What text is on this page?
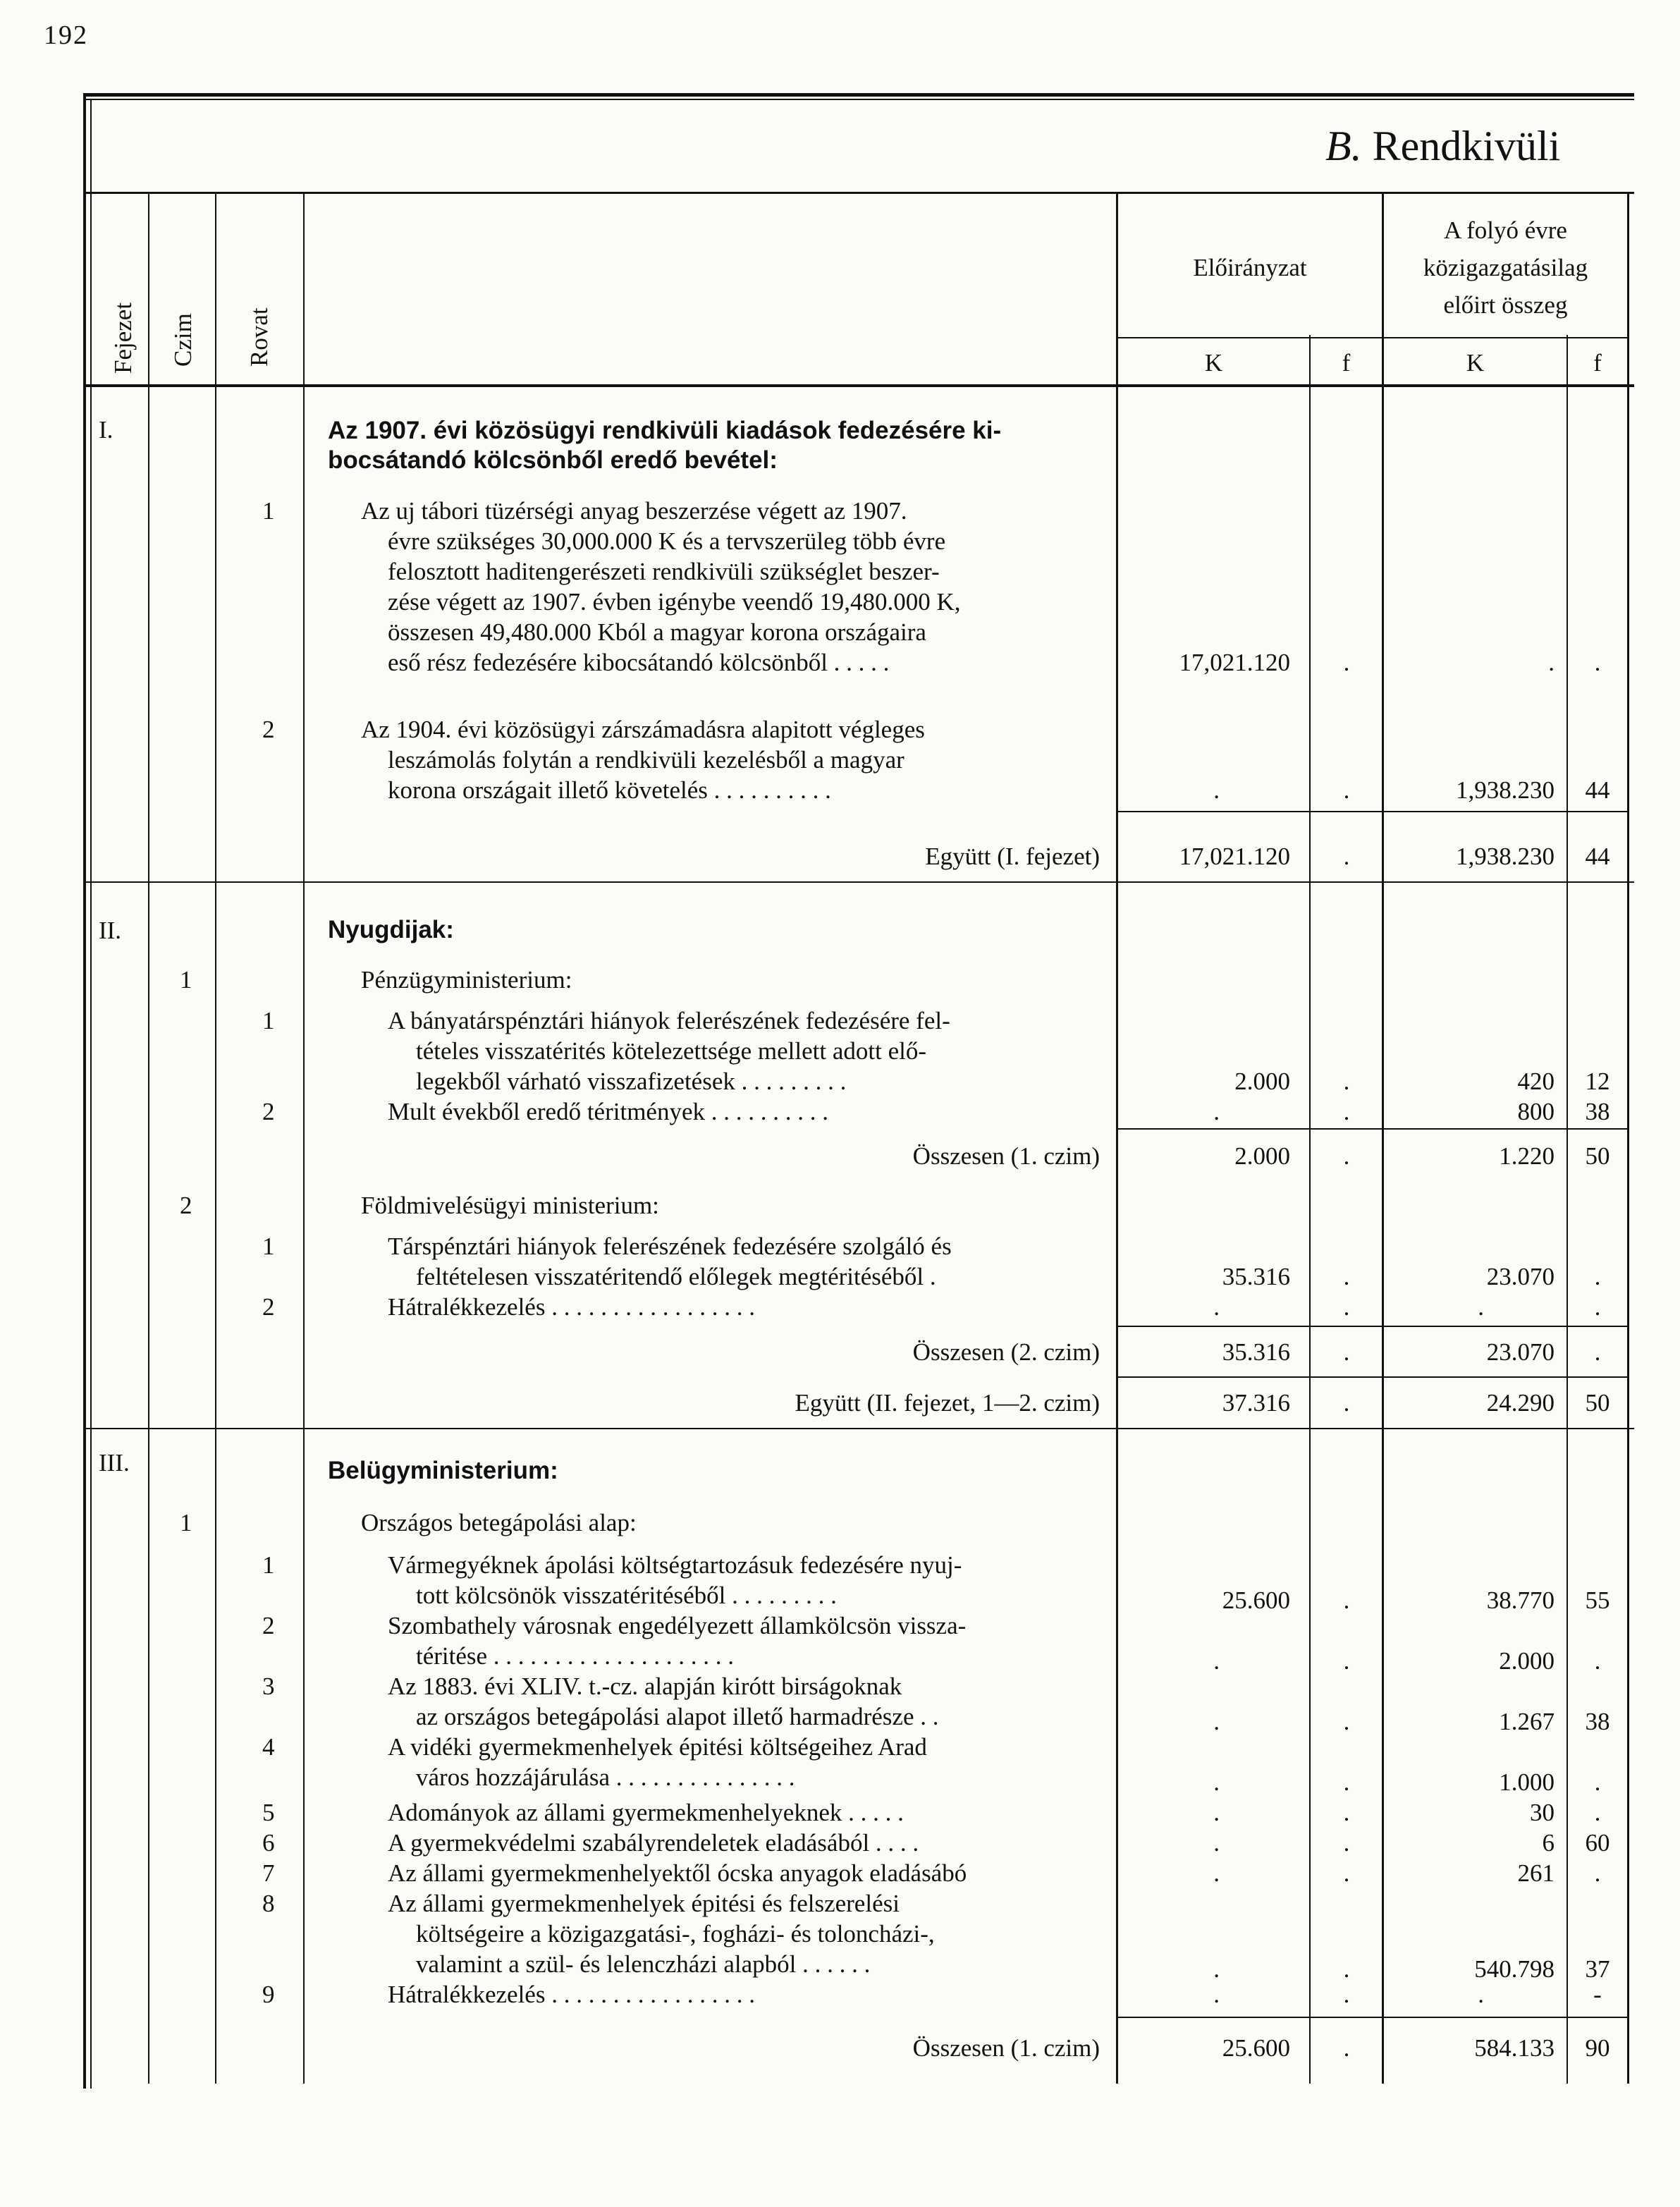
192
B. Rendkivüli
Fejezet Czim Rovat
Előirányzat
A folyó évre
közigazgatásilag
előirt összeg
K	f	K	f
I.	Az 1907. évi közösügyi rendkivüli kiadások fedezésére ki-
bocsátandó kölcsönből eredő bevétel:
1	Az uj tábori tüzérségi anyag beszerzése végett az 1907.
évre szükséges 30,000.000 K és a tervszerüleg több évre
felosztott haditengerészeti rendkivüli szükséglet beszer-
zése végett az 1907. évben igénybe veendő 19,480.000 K,
összesen 49,480.000 Kból a magyar korona országaira
eső rész fedezésére kibocsátandó kölcsönből . . . . .	17,021.120	.	.	.
2	Az 1904. évi közösügyi zárszámadásra alapitott végleges
leszámolás folytán a rendkivüli kezelésből a magyar
korona országait illető követelés . . . . . . . . . .	.	.	1,938.230	44
Együtt (I. fejezet)	17,021.120	.	1,938.230	44
II.	Nyugdijak:
1	Pénzügyministerium:
1	A bányatárspénztári hiányok felerészének fedezésére fel-
tételes visszatérités kötelezettsége mellett adott elő-
legekből várható visszafizetések . . . . . . . . .	2.000	.	420	12
2	Mult évekből eredő téritmények . . . . . . . . . .	.	.	800	38
Összesen (1. czim)	2.000	.	1.220	50
2	Földmivelésügyi ministerium:
1	Társpénztári hiányok felerészének fedezésére szolgáló és
feltételesen visszatéritendő előlegek megtéritéséből .	35.316	.	23.070	.
2	Hátralékkezelés . . . . . . . . . . . . . . . . .	.	.	.	.
Összesen (2. czim)	35.316	.	23.070	.
Együtt (II. fejezet, 1—2. czim)	37.316	.	24.290	50
III.	Belügyministerium:
1	Országos betegápolási alap:
1	Vármegyéknek ápolási költségtartozásuk fedezésére nyuj-
tott kölcsönök visszatéritéséből . . . . . . . . .	25.600	.	38.770	55
2	Szombathely városnak engedélyezett államkölcsön vissza-
téritése . . . . . . . . . . . . . . . . . . . .	.	.	2.000	.
3	Az 1883. évi XLIV. t.-cz. alapján kirótt birságoknak
az országos betegápolási alapot illető harmadrésze . .	.	.	1.267	38
4	A vidéki gyermekmenhelyek épitési költségeihez Arad
város hozzájárulása . . . . . . . . . . . . . . .	.	.	1.000	.
5	Adományok az állami gyermekmenhelyeknek . . . . .	.	.	30	.
6	A gyermekvédelmi szabályrendeletek eladásából . . . .	.	.	6	60
7	Az állami gyermekmenhelyektől ócska anyagok eladásábó	.	.	261	.
8	Az állami gyermekmenhelyek épitési és felszerelési
költségeire a közigazgatási-, fogházi- és toloncházi-,
valamint a szül- és lelenczházi alapból . . . . . .	.	.	540.798	37
9	Hátralékkezelés . . . . . . . . . . . . . . . . .	.	.	.	-
Összesen (1. czim)	25.600	.	584.133	90
